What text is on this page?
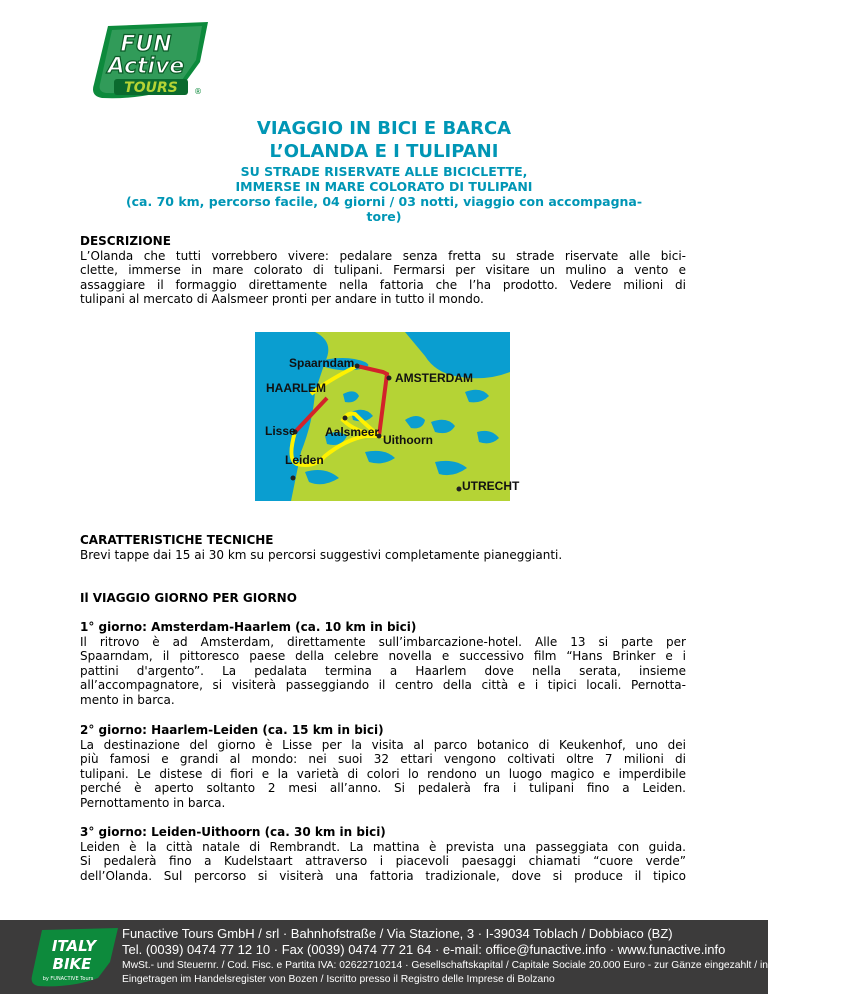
FUN
Active
TOURS ®
VIAGGIO IN BICI E BARCA
L’OLANDA E I TULIPANI
SU STRADE RISERVATE ALLE BICICLETTE,
IMMERSE IN MARE COLORATO DI TULIPANI
(ca. 70 km, percorso facile, 04 giorni / 03 notti, viaggio con accompagna-
tore)
DESCRIZIONE
L’Olanda che tutti vorrebbero vivere: pedalare senza fretta su strade riservate alle bici-
clette, immerse in mare colorato di tulipani. Fermarsi per visitare un mulino a vento e
assaggiare il formaggio direttamente nella fattoria che l’ha prodotto. Vedere milioni di
tulipani al mercato di Aalsmeer pronti per andare in tutto il mondo.
Spaarndam
HAARLEM
AMSTERDAM
Lisse Aalsmeer
Uithoorn
Leiden
UTRECHT
CARATTERISTICHE TECNICHE
Brevi tappe dai 15 ai 30 km su percorsi suggestivi completamente pianeggianti.
Il VIAGGIO GIORNO PER GIORNO
1° giorno: Amsterdam-Haarlem (ca. 10 km in bici)
Il ritrovo è ad Amsterdam, direttamente sull’imbarcazione-hotel. Alle 13 si parte per
Spaarndam, il pittoresco paese della celebre novella e successivo film “Hans Brinker e i
pattini d'argento”. La pedalata termina a Haarlem dove nella serata, insieme
all’accompagnatore, si visiterà passeggiando il centro della città e i tipici locali. Pernotta-
mento in barca.
2° giorno: Haarlem-Leiden (ca. 15 km in bici)
La destinazione del giorno è Lisse per la visita al parco botanico di Keukenhof, uno dei
più famosi e grandi al mondo: nei suoi 32 ettari vengono coltivati oltre 7 milioni di
tulipani. Le distese di fiori e la varietà di colori lo rendono un luogo magico e imperdibile
perché è aperto soltanto 2 mesi all’anno. Si pedalerà fra i tulipani fino a Leiden.
Pernottamento in barca.
3° giorno: Leiden-Uithoorn (ca. 30 km in bici)
Leiden è la città natale di Rembrandt. La mattina è prevista una passeggiata con guida.
Si pedalerà fino a Kudelstaart attraverso i piacevoli paesaggi chiamati “cuore verde”
dell’Olanda. Sul percorso si visiterà una fattoria tradizionale, dove si produce il tipico
ITALY
BIKE
by FUNACTIVE Tours
Funactive Tours GmbH / srl · Bahnhofstraße / Via Stazione, 3 · I-39034 Toblach / Dobbiaco (BZ)
Tel. (0039) 0474 77 12 10 · Fax (0039) 0474 77 21 64 · e-mail: office@funactive.info · www.funactive.info
MwSt.- und Steuernr. / Cod. Fisc. e Partita IVA: 02622710214 · Gesellschaftskapital / Capitale Sociale 20.000 Euro - zur Gänze eingezahlt / interamente versato
Eingetragen im Handelsregister von Bozen / Iscritto presso il Registro delle Imprese di Bolzano
